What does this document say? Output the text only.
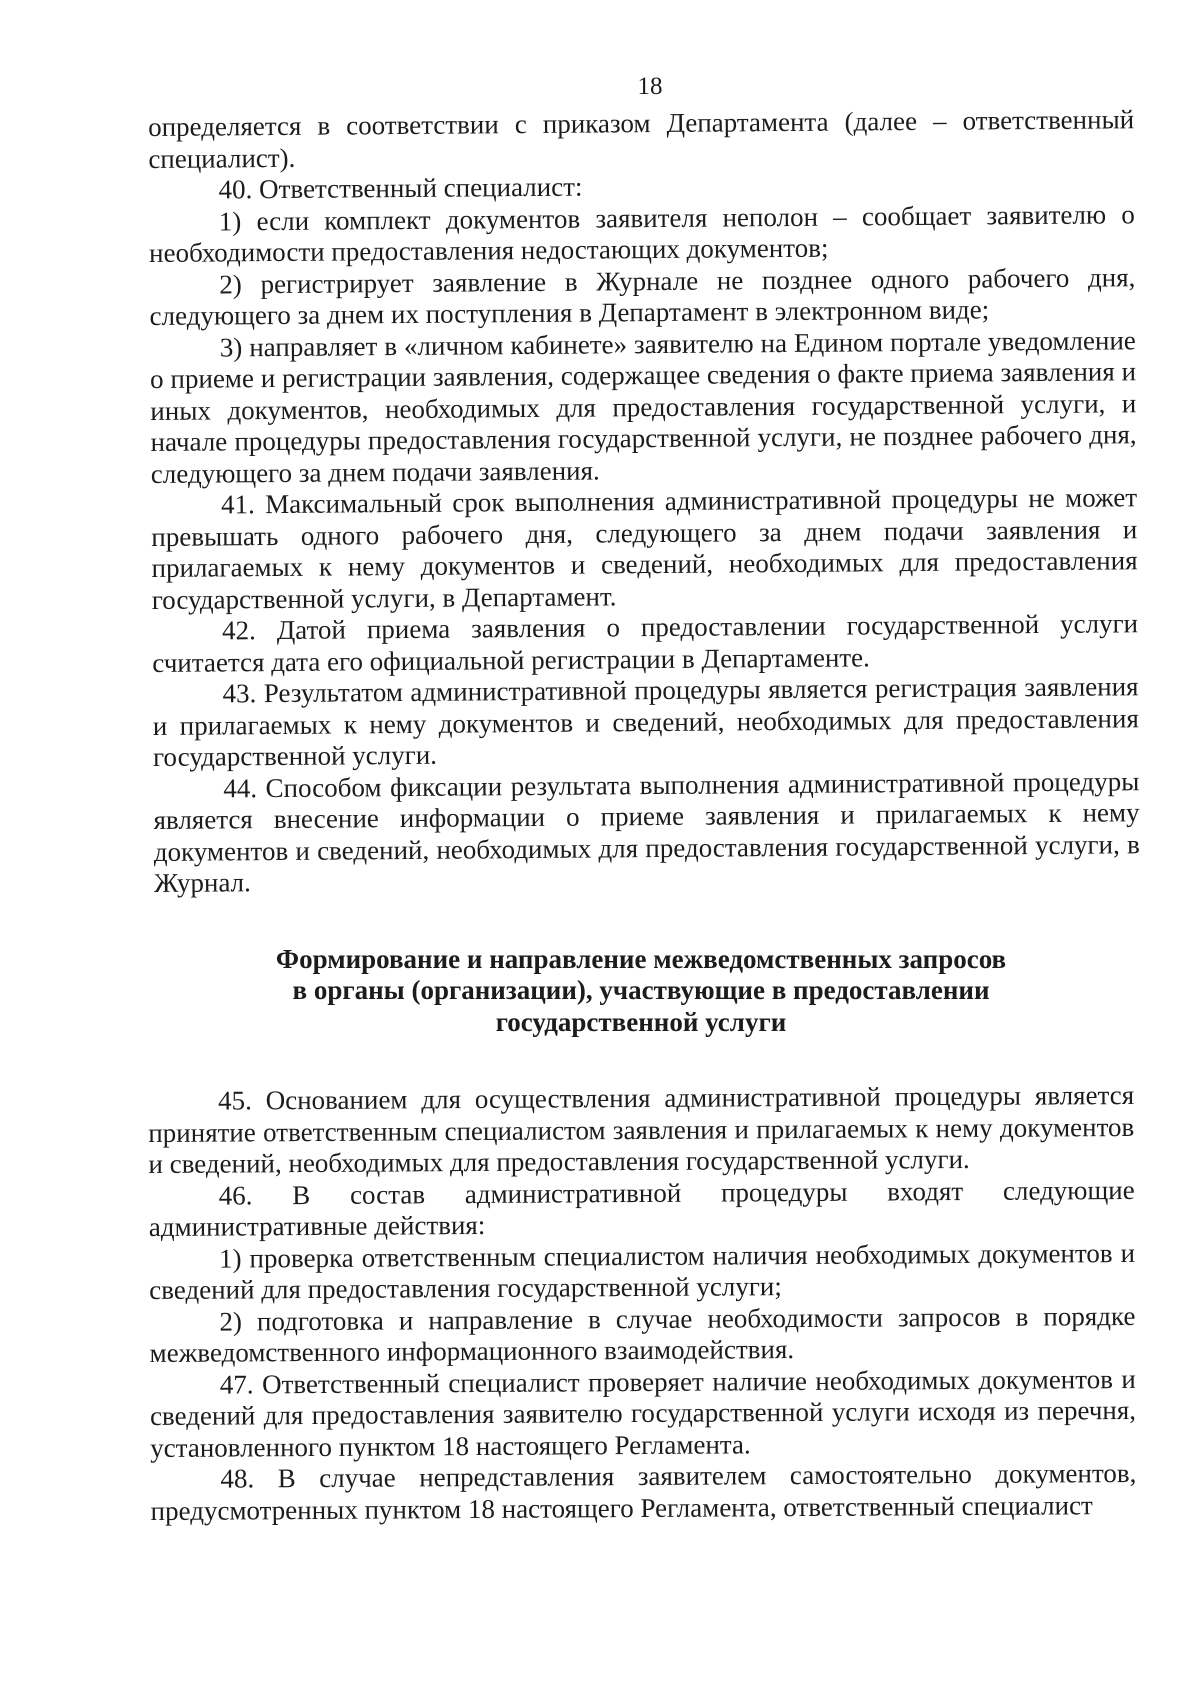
18

определяется в соответствии с приказом Департамента (далее – ответственный специалист).

40. Ответственный специалист:

1) если комплект документов заявителя неполон – сообщает заявителю о необходимости предоставления недостающих документов;

2) регистрирует заявление в Журнале не позднее одного рабочего дня, следующего за днем их поступления в Департамент в электронном виде;

3) направляет в «личном кабинете» заявителю на Едином портале уведомление о приеме и регистрации заявления, содержащее сведения о факте приема заявления и иных документов, необходимых для предоставления государственной услуги, и начале процедуры предоставления государственной услуги, не позднее рабочего дня, следующего за днем подачи заявления.

41. Максимальный срок выполнения административной процедуры не может превышать одного рабочего дня, следующего за днем подачи заявления и прилагаемых к нему документов и сведений, необходимых для предоставления государственной услуги, в Департамент.

42. Датой приема заявления о предоставлении государственной услуги считается дата его официальной регистрации в Департаменте.

43. Результатом административной процедуры является регистрация заявления и прилагаемых к нему документов и сведений, необходимых для предоставления государственной услуги.

44. Способом фиксации результата выполнения административной процедуры является внесение информации о приеме заявления и прилагаемых к нему документов и сведений, необходимых для предоставления государственной услуги, в Журнал.

Формирование и направление межведомственных запросов
в органы (организации), участвующие в предоставлении
государственной услуги

45. Основанием для осуществления административной процедуры является принятие ответственным специалистом заявления и прилагаемых к нему документов и сведений, необходимых для предоставления государственной услуги.

46. В состав административной процедуры входят следующие административные действия:

1) проверка ответственным специалистом наличия необходимых документов и сведений для предоставления государственной услуги;

2) подготовка и направление в случае необходимости запросов в порядке межведомственного информационного взаимодействия.

47. Ответственный специалист проверяет наличие необходимых документов и сведений для предоставления заявителю государственной услуги исходя из перечня, установленного пунктом 18 настоящего Регламента.

48. В случае непредставления заявителем самостоятельно документов, предусмотренных пунктом 18 настоящего Регламента, ответственный специалист
